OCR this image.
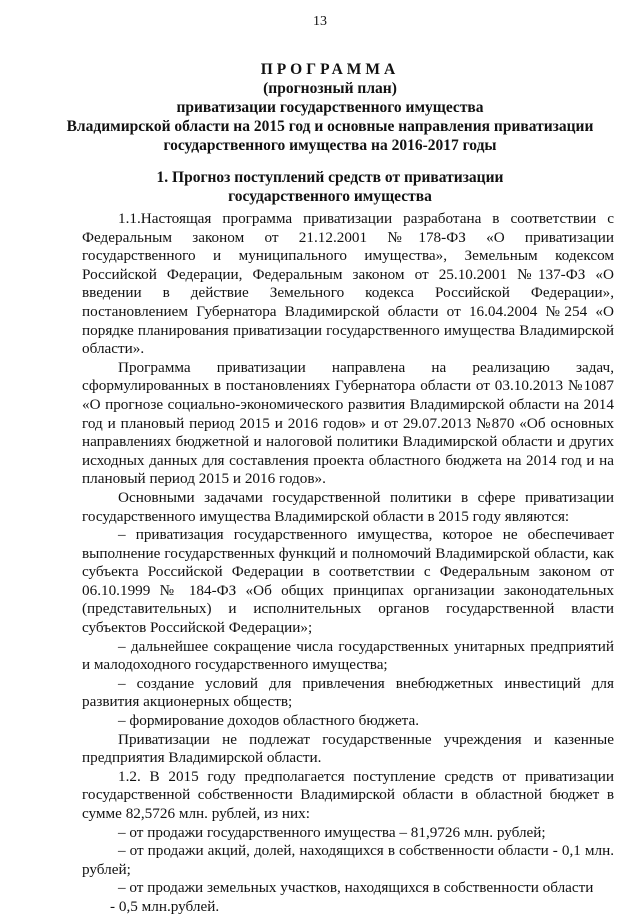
13
ПРОГРАММА
(прогнозный план)
приватизации государственного имущества
Владимирской области на 2015 год и основные направления приватизации
государственного имущества на 2016-2017 годы
1. Прогноз поступлений средств от приватизации
государственного имущества

1.1.Настоящая программа приватизации разработана в соответствии с Федеральным законом от 21.12.2001 №178-ФЗ «О приватизации государственного и муниципального имущества», Земельным кодексом Российской Федерации, Федеральным законом от 25.10.2001 №137-ФЗ «О введении в действие Земельного кодекса Российской Федерации», постановлением Губернатора Владимирской области от 16.04.2004 №254 «О порядке планирования приватизации государственного имущества Владимирской области».

Программа приватизации направлена на реализацию задач, сформулированных в постановлениях Губернатора области от 03.10.2013 №1087 «О прогнозе социально-экономического развития Владимирской области на 2014 год и плановый период 2015 и 2016 годов» и от 29.07.2013 №870 «Об основных направлениях бюджетной и налоговой политики Владимирской области и других исходных данных для составления проекта областного бюджета на 2014 год и на плановый период 2015 и 2016 годов».

Основными задачами государственной политики в сфере приватизации государственного имущества Владимирской области в 2015 году являются:

– приватизация государственного имущества, которое не обеспечивает выполнение государственных функций и полномочий Владимирской области, как субъекта Российской Федерации в соответствии с Федеральным законом от 06.10.1999 № 184-ФЗ «Об общих принципах организации законодательных (представительных) и исполнительных органов государственной власти субъектов Российской Федерации»;

– дальнейшее сокращение числа государственных унитарных предприятий и малодоходного государственного имущества;

– создание условий для привлечения внебюджетных инвестиций для развития акционерных обществ;

– формирование доходов областного бюджета.

Приватизации не подлежат государственные учреждения и казенные предприятия Владимирской области.

1.2. В 2015 году предполагается поступление средств от приватизации государственной собственности Владимирской области в областной бюджет в сумме 82,5726 млн. рублей, из них:

– от продажи государственного имущества – 81,9726 млн. рублей;

– от продажи акций, долей, находящихся в собственности области - 0,1 млн. рублей;

– от продажи земельных участков, находящихся в собственности области

- 0,5 млн.рублей.
